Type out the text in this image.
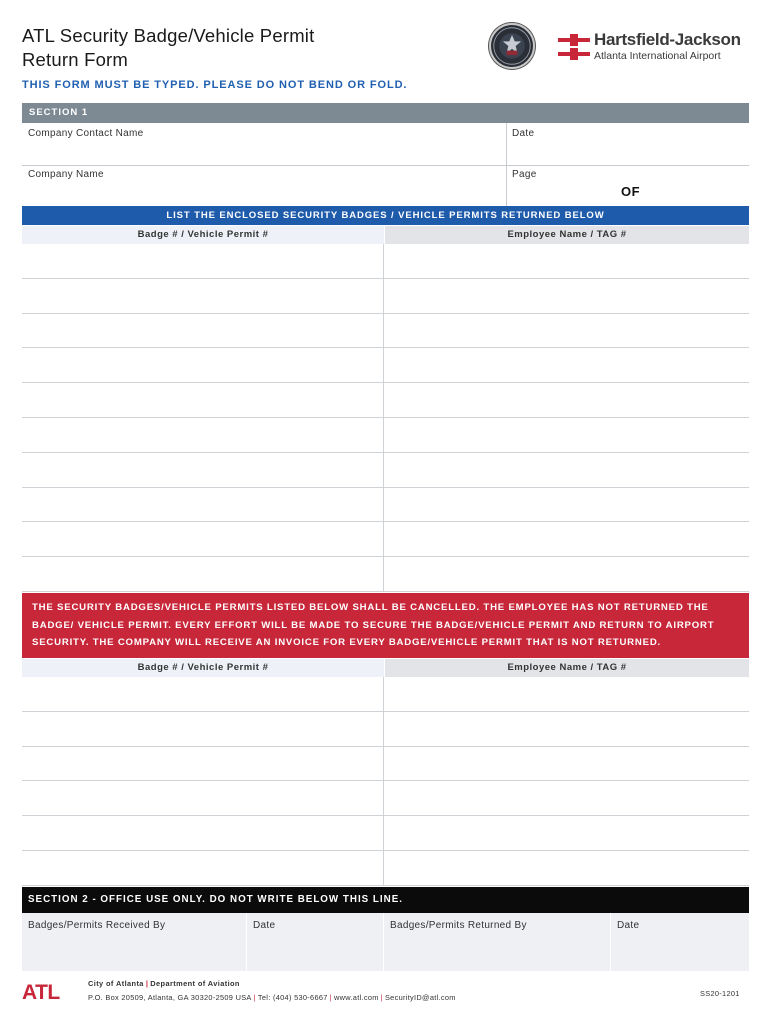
ATL Security Badge/Vehicle Permit
Return Form
THIS FORM MUST BE TYPED. PLEASE DO NOT BEND OR FOLD.
Hartsfield-Jackson
Atlanta International Airport
SECTION 1
Company Contact Name	Date
Company Name	Page
OF
LIST THE ENCLOSED SECURITY BADGES / VEHICLE PERMITS RETURNED BELOW
Badge # / Vehicle Permit #	Employee Name / TAG #
THE SECURITY BADGES/VEHICLE PERMITS LISTED BELOW SHALL BE CANCELLED. THE EMPLOYEE HAS NOT RETURNED THE BADGE/ VEHICLE PERMIT. EVERY EFFORT WILL BE MADE TO SECURE THE BADGE/VEHICLE PERMIT AND RETURN TO AIRPORT SECURITY. THE COMPANY WILL RECEIVE AN INVOICE FOR EVERY BADGE/VEHICLE PERMIT THAT IS NOT RETURNED.
Badge # / Vehicle Permit #	Employee Name / TAG #
SECTION 2 - OFFICE USE ONLY. DO NOT WRITE BELOW THIS LINE.
Badges/Permits Received By	Date	Badges/Permits Returned By	Date
ATL	City of Atlanta | Department of Aviation
P.O. Box 20509, Atlanta, GA 30320-2509 USA | Tel: (404) 530-6667 | www.atl.com | SecurityID@atl.com	SS20-1201
